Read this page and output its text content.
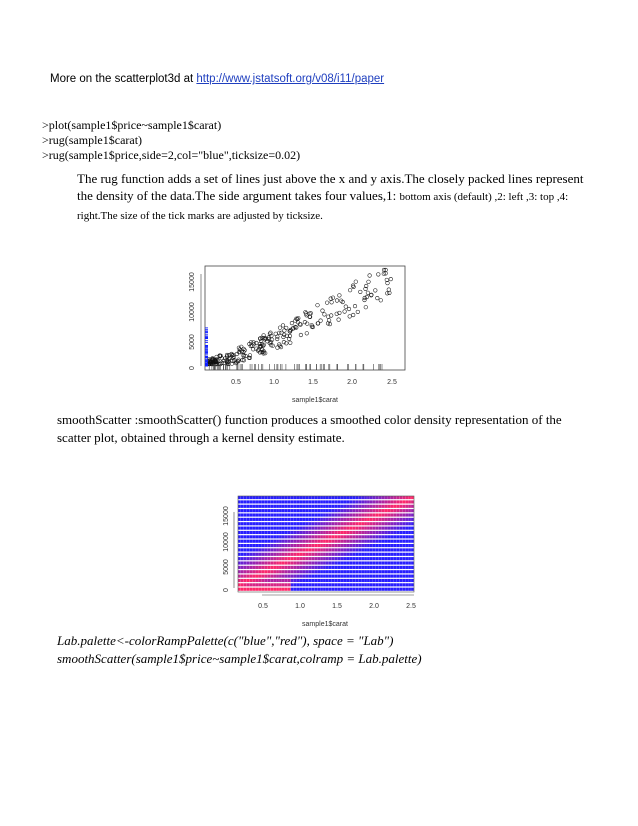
More on the scatterplot3d at http://www.jstatsoft.org/v08/i11/paper
>plot(sample1$price~sample1$carat)
>rug(sample1$carat)
>rug(sample1$price,side=2,col="blue",ticksize=0.02)
The rug function adds a set of lines just above the x and y axis.The closely packed lines represent
the density of the data.The side argument takes four values,1: bottom axis (default) ,2: left ,3: top ,4:
right.The size of the tick marks are adjusted by ticksize.
0
5000
10000
15000
0.5	1.0	1.5	2.0	2.5
sample1$carat
smoothScatter :smoothScatter() function produces a smoothed color density representation of the
scatter plot, obtained through a kernel density estimate.
0
5000
10000
15000
0.5	1.0	1.5	2.0	2.5
sample1$carat
Lab.palette<-colorRampPalette(c("blue","red"), space = "Lab")
smoothScatter(sample1$price~sample1$carat,colramp = Lab.palette)
